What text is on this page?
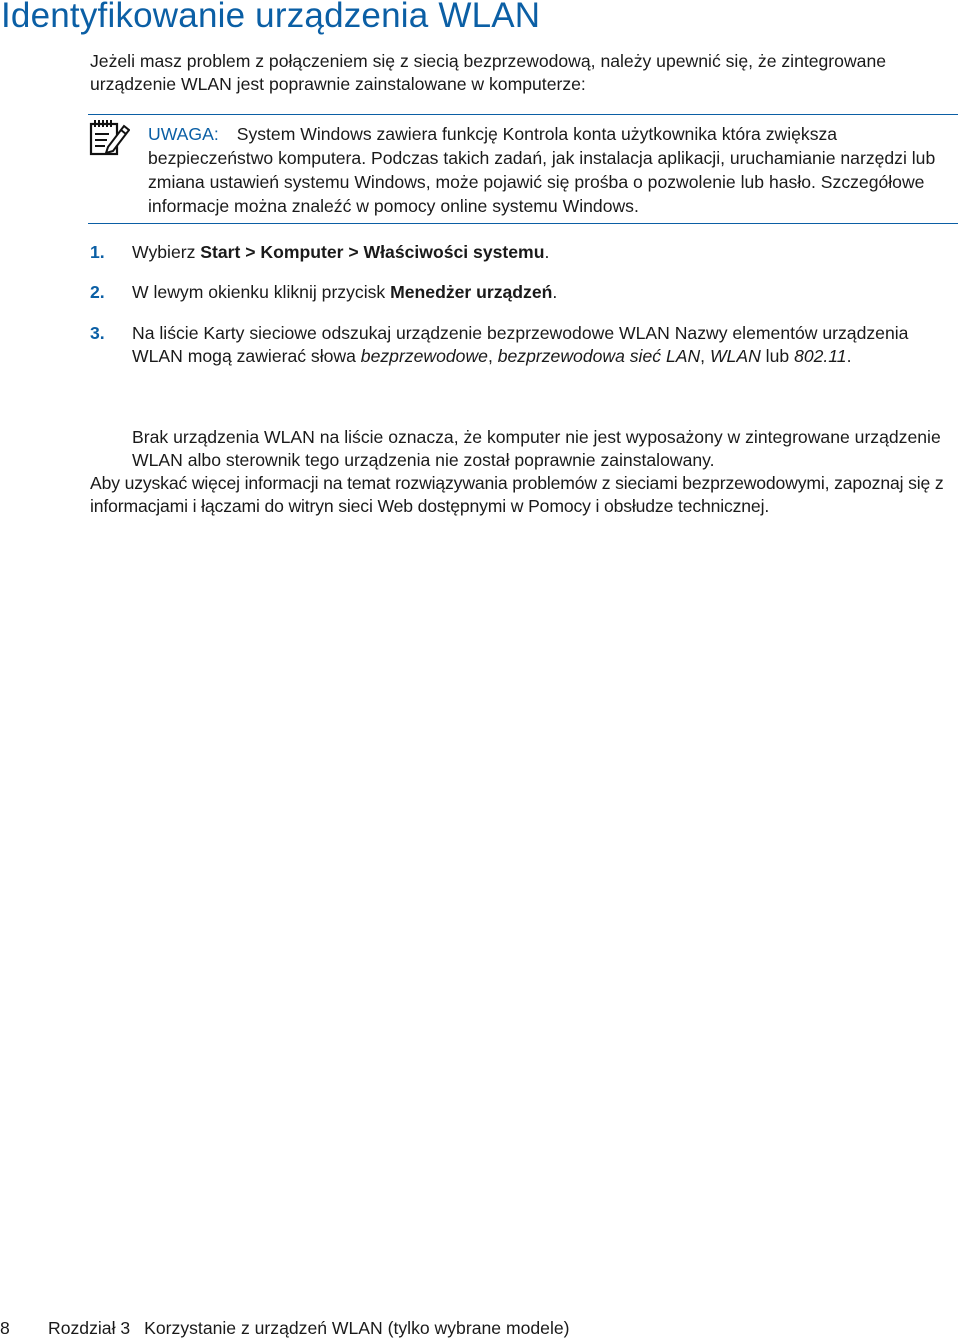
Identyfikowanie urządzenia WLAN

Jeżeli masz problem z połączeniem się z siecią bezprzewodową, należy upewnić się, że zintegrowane urządzenie WLAN jest poprawnie zainstalowane w komputerze:

UWAGA: System Windows zawiera funkcję Kontrola konta użytkownika która zwiększa bezpieczeństwo komputera. Podczas takich zadań, jak instalacja aplikacji, uruchamianie narzędzi lub zmiana ustawień systemu Windows, może pojawić się prośba o pozwolenie lub hasło. Szczegółowe informacje można znaleźć w pomocy online systemu Windows.
1. Wybierz Start > Komputer > Właściwości systemu.
2. W lewym okienku kliknij przycisk Menedżer urządzeń.
3. Na liście Karty sieciowe odszukaj urządzenie bezprzewodowe WLAN Nazwy elementów urządzenia WLAN mogą zawierać słowa bezprzewodowe, bezprzewodowa sieć LAN, WLAN lub 802.11.

Brak urządzenia WLAN na liście oznacza, że komputer nie jest wyposażony w zintegrowane urządzenie WLAN albo sterownik tego urządzenia nie został poprawnie zainstalowany.

Aby uzyskać więcej informacji na temat rozwiązywania problemów z sieciami bezprzewodowymi, zapoznaj się z informacjami i łączami do witryn sieci Web dostępnymi w Pomocy i obsłudze technicznej.

8 Rozdział 3 Korzystanie z urządzeń WLAN (tylko wybrane modele)
